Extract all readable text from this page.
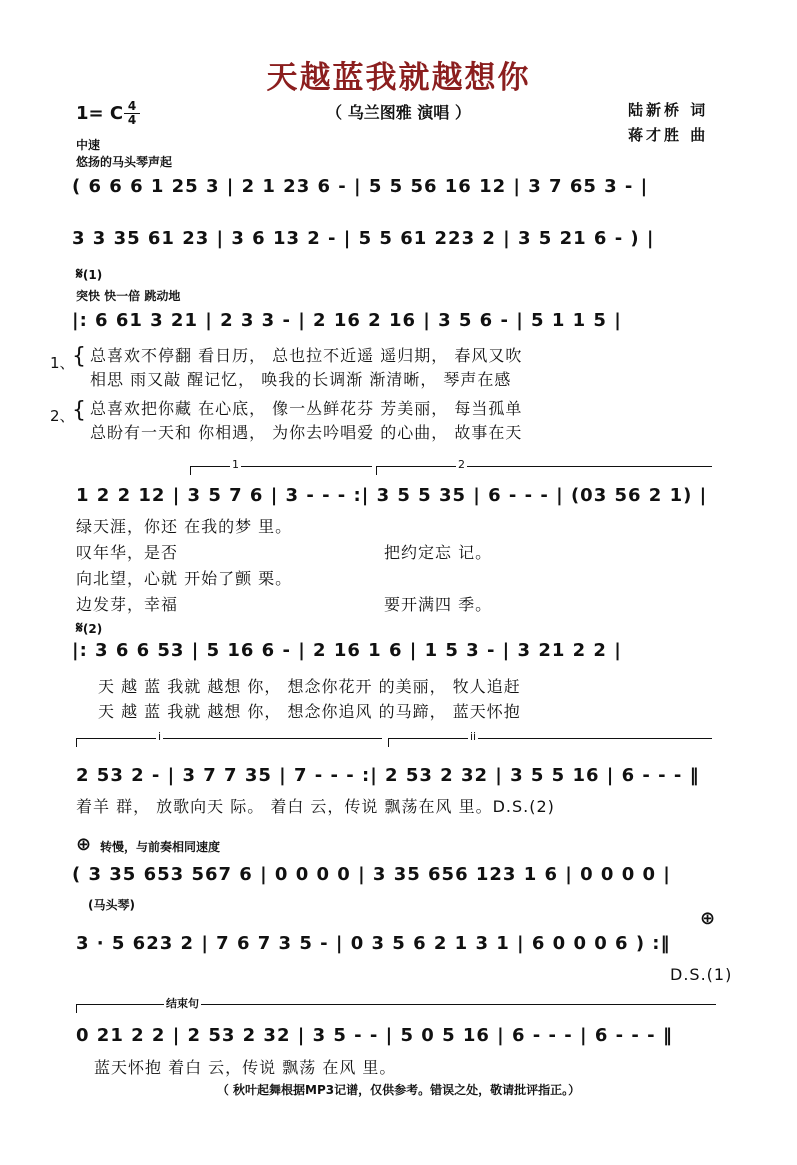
天越蓝我就越想你
（ 乌兰图雅 演唱 ）	陆新桥 词
蒋才胜 曲
1= C 4
4
中速
悠扬的马头琴声起
( 6 6 6 1 25 3 | 2 1 23 6 - | 5 5 56 16 12 | 3 7 65 3 - |
3 3 35 61 23 | 3 6 13 2 - | 5 5 61 223 2 | 3 5 21 6 - ) |
𝄋(1)
突快 快一倍 跳动地
|: 6 61 3 21 | 2 3 3 - | 2 16 2 16 | 3 5 6 - | 5 1 1 5 |
1、
{
2、
{
总喜欢不停翻 看日历， 总也拉不近遥 遥归期， 春风又吹
相思 雨又敲 醒记忆， 唤我的长调渐 渐清晰， 琴声在感
总喜欢把你藏 在心底， 像一丛鲜花芬 芳美丽， 每当孤单
总盼有一天和 你相遇， 为你去吟唱爱 的心曲， 故事在天
1	2
1 2 2 12 | 3 5 7 6 | 3 - - - :| 3 5 5 35 | 6 - - - | (03 56 2 1) |
绿天涯，你还 在我的梦 里。
叹年华，是否	把约定忘 记。
向北望，心就 开始了颤 栗。
边发芽，幸福	要开满四 季。
𝄋(2)
|: 3 6 6 53 | 5 16 6 - | 2 16 1 6 | 1 5 3 - | 3 21 2 2 |
天 越 蓝 我就 越想 你， 想念你花开 的美丽， 牧人追赶
天 越 蓝 我就 越想 你， 想念你追风 的马蹄， 蓝天怀抱
i	ii
2 53 2 - | 3 7 7 35 | 7 - - - :| 2 53 2 32 | 3 5 5 16 | 6 - - - ‖
着羊 群， 放歌向天 际。 着白 云，传说 飘荡在风 里。D.S.(2)
⊕ 转慢，与前奏相同速度
( 3 35 653 567 6 | 0 0 0 0 | 3 35 656 123 1 6 | 0 0 0 0 |
(马头琴)
⊕
3 · 5 623 2 | 7 6 7 3 5 - | 0 3 5 6 2 1 3 1 | 6 0 0 0 6 ) :‖
D.S.(1)
结束句
0 21 2 2 | 2 53 2 32 | 3 5 - - | 5 0 5 16 | 6 - - - | 6 - - - ‖
蓝天怀抱 着白 云，传说 飘荡 在风 里。
（ 秋叶起舞根据MP3记谱，仅供参考。错误之处，敬请批评指正。）
